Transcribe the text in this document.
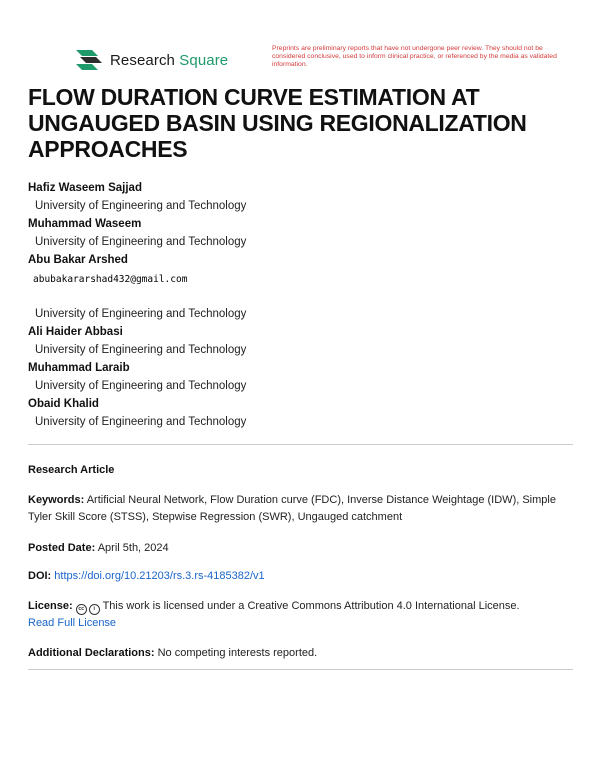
Research Square
Preprints are preliminary reports that have not undergone peer review. They should not be considered conclusive, used to inform clinical practice, or referenced by the media as validated information.
FLOW DURATION CURVE ESTIMATION AT UNGAUGED BASIN USING REGIONALIZATION APPROACHES
Hafiz Waseem Sajjad
University of Engineering and Technology
Muhammad Waseem
University of Engineering and Technology
Abu Bakar Arshed
abubakararshad432@gmail.com
University of Engineering and Technology
Ali Haider Abbasi
University of Engineering and Technology
Muhammad Laraib
University of Engineering and Technology
Obaid Khalid
University of Engineering and Technology
Research Article
Keywords: Artificial Neural Network, Flow Duration curve (FDC), Inverse Distance Weightage (IDW), Simple Tyler Skill Score (STSS), Stepwise Regression (SWR), Ungauged catchment
Posted Date: April 5th, 2024
DOI: https://doi.org/10.21203/rs.3.rs-4185382/v1
License:	cc	i This work is licensed under a Creative Commons Attribution 4.0 International License.
Read Full License
Additional Declarations: No competing interests reported.
